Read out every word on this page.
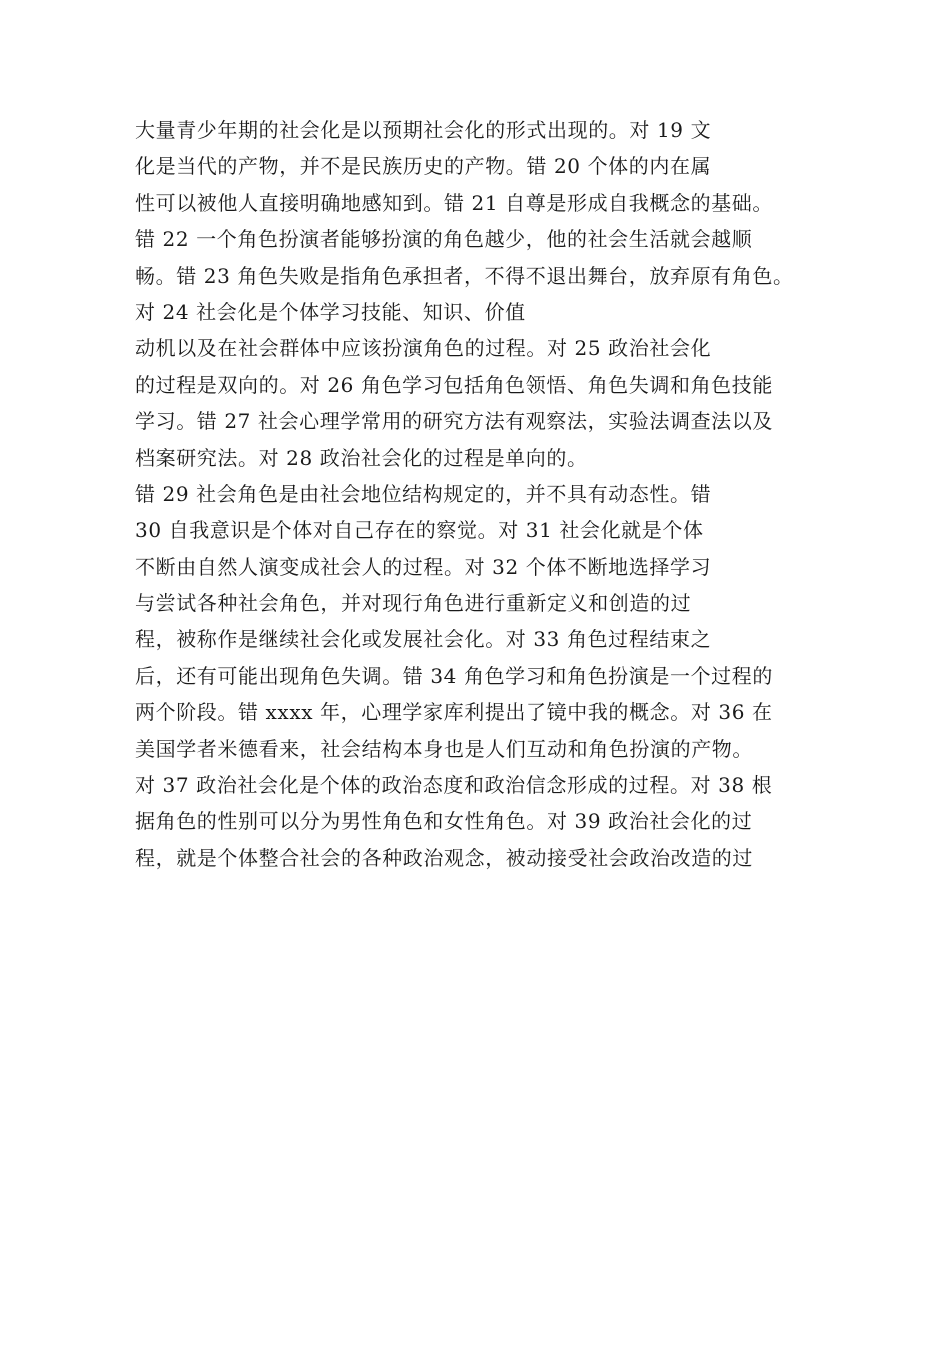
大量青少年期的社会化是以预期社会化的形式出现的。对 19 文
化是当代的产物，并不是民族历史的产物。错 20 个体的内在属
性可以被他人直接明确地感知到。错 21 自尊是形成自我概念的基础。
错 22 一个角色扮演者能够扮演的角色越少，他的社会生活就会越顺
畅。错 23 角色失败是指角色承担者，不得不退出舞台，放弃原有角色。
对 24 社会化是个体学习技能、知识、价值
动机以及在社会群体中应该扮演角色的过程。对 25 政治社会化
的过程是双向的。对 26 角色学习包括角色领悟、角色失调和角色技能
学习。错 27 社会心理学常用的研究方法有观察法，实验法调查法以及
档案研究法。对 28 政治社会化的过程是单向的。
错 29 社会角色是由社会地位结构规定的，并不具有动态性。错
30 自我意识是个体对自己存在的察觉。对 31 社会化就是个体
不断由自然人演变成社会人的过程。对 32 个体不断地选择学习
与尝试各种社会角色，并对现行角色进行重新定义和创造的过
程，被称作是继续社会化或发展社会化。对 33 角色过程结束之
后，还有可能出现角色失调。错 34 角色学习和角色扮演是一个过程的
两个阶段。错 xxxx 年，心理学家库利提出了镜中我的概念。对 36 在
美国学者米德看来，社会结构本身也是人们互动和角色扮演的产物。
对 37 政治社会化是个体的政治态度和政治信念形成的过程。对 38 根
据角色的性别可以分为男性角色和女性角色。对 39 政治社会化的过
程，就是个体整合社会的各种政治观念，被动接受社会政治改造的过
